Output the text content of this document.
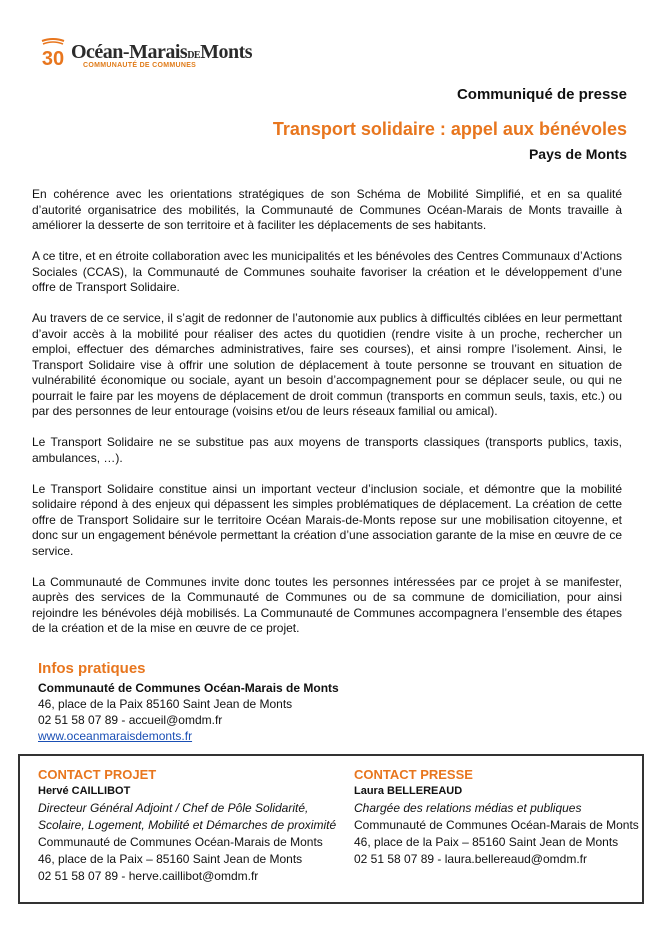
30 Océan-MaraisDEMonts
COMMUNAUTÉ DE COMMUNES
Communiqué de presse
Transport solidaire : appel aux bénévoles
Pays de Monts

En cohérence avec les orientations stratégiques de son Schéma de Mobilité Simplifié, et en sa qualité d’autorité organisatrice des mobilités, la Communauté de Communes Océan-Marais de Monts travaille à améliorer la desserte de son territoire et à faciliter les déplacements de ses habitants.

A ce titre, et en étroite collaboration avec les municipalités et les bénévoles des Centres Communaux d’Actions Sociales (CCAS), la Communauté de Communes souhaite favoriser la création et le développement d’une offre de Transport Solidaire.

Au travers de ce service, il s’agit de redonner de l’autonomie aux publics à difficultés ciblées en leur permettant d’avoir accès à la mobilité pour réaliser des actes du quotidien (rendre visite à un proche, rechercher un emploi, effectuer des démarches administratives, faire ses courses), et ainsi rompre l’isolement. Ainsi, le Transport Solidaire vise à offrir une solution de déplacement à toute personne se trouvant en situation de vulnérabilité économique ou sociale, ayant un besoin d’accompagnement pour se déplacer seule, ou qui ne pourrait le faire par les moyens de déplacement de droit commun (transports en commun seuls, taxis, etc.) ou par des personnes de leur entourage (voisins et/ou de leurs réseaux familial ou amical).

Le Transport Solidaire ne se substitue pas aux moyens de transports classiques (transports publics, taxis, ambulances, …).

Le Transport Solidaire constitue ainsi un important vecteur d’inclusion sociale, et démontre que la mobilité solidaire répond à des enjeux qui dépassent les simples problématiques de déplacement. La création de cette offre de Transport Solidaire sur le territoire Océan Marais-de-Monts repose sur une mobilisation citoyenne, et donc sur un engagement bénévole permettant la création d’une association garante de la mise en œuvre de ce service.

La Communauté de Communes invite donc toutes les personnes intéressées par ce projet à se manifester, auprès des services de la Communauté de Communes ou de sa commune de domiciliation, pour ainsi rejoindre les bénévoles déjà mobilisés. La Communauté de Communes accompagnera l’ensemble des étapes de la création et de la mise en œuvre de ce projet.

Infos pratiques
Communauté de Communes Océan-Marais de Monts
46, place de la Paix 85160 Saint Jean de Monts
02 51 58 07 89 - accueil@omdm.fr
www.oceanmaraisdemonts.fr
CONTACT PROJET
Hervé CAILLIBOT
Directeur Général Adjoint / Chef de Pôle Solidarité,
Scolaire, Logement, Mobilité et Démarches de proximité
Communauté de Communes Océan-Marais de Monts
46, place de la Paix – 85160 Saint Jean de Monts
02 51 58 07 89 - herve.caillibot@omdm.fr
CONTACT PRESSE
Laura BELLEREAUD
Chargée des relations médias et publiques
Communauté de Communes Océan-Marais de Monts
46, place de la Paix – 85160 Saint Jean de Monts
02 51 58 07 89 - laura.bellereaud@omdm.fr
